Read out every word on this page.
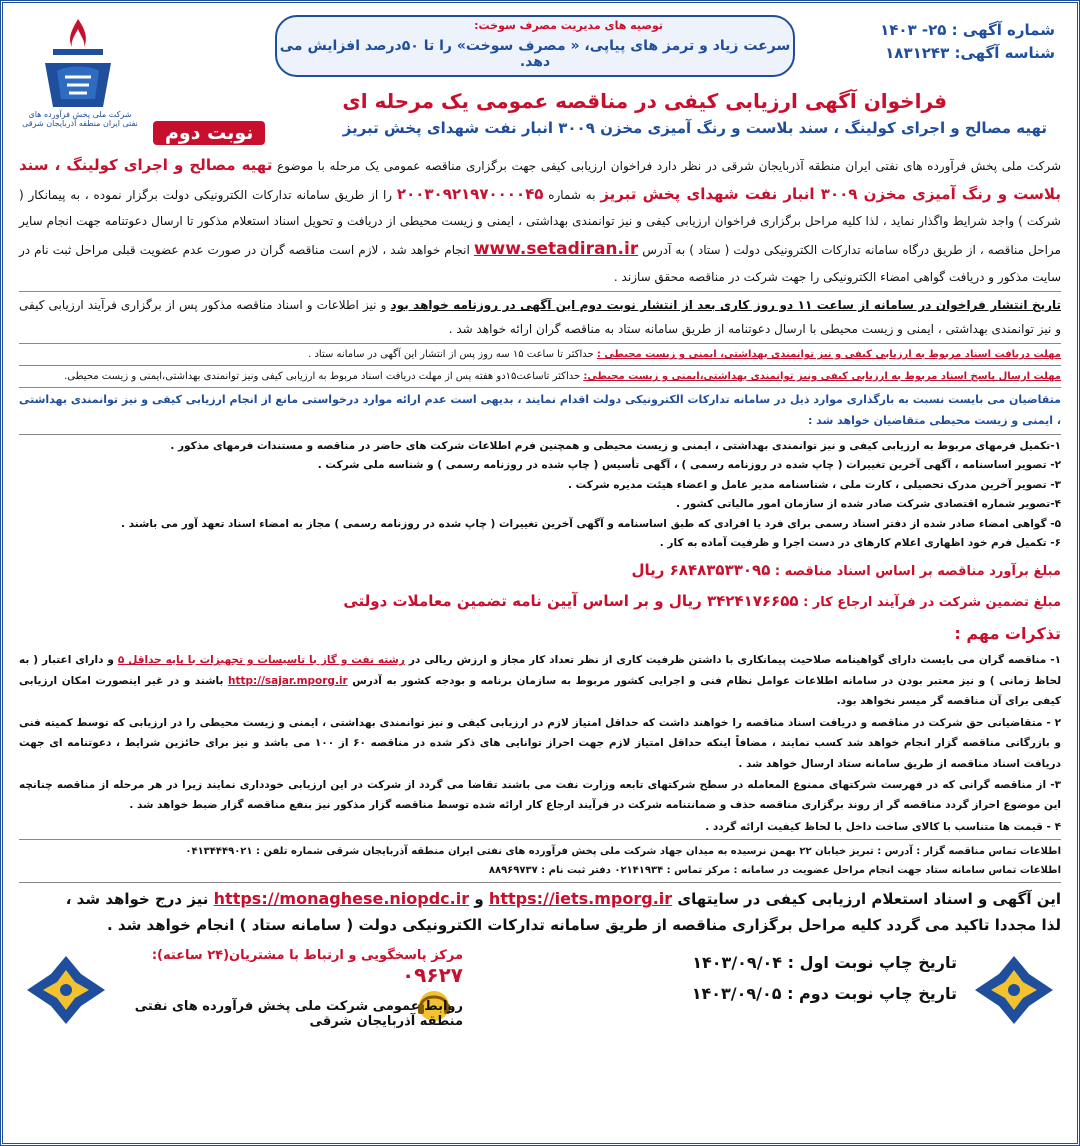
شرکت ملی پخش فرآورده های نفتی ایران منطقه آذربایجان شرقی
شماره آگهی : ۲۵- ۱۴۰۳
شناسه آگهی: ۱۸۳۱۲۴۳
توصیه های مدیریت مصرف سوخت:
سرعت زیاد و ترمز های پیاپی، « مصرف سوخت» را تا ۵۰درصد افزایش می دهد.
فراخوان آگهی ارزیابی کیفی در مناقصه عمومی یک مرحله ای
تهیه مصالح و اجرای کولینگ ، سند بلاست و رنگ آمیزی مخزن ۳۰۰۹ انبار نفت شهدای پخش تبریز
نوبت دوم
شرکت ملی پخش فرآورده های نفتی ایران منطقه آذربایجان شرقی در نظر دارد فراخوان ارزیابی کیفی جهت برگزاری مناقصه عمومی یک مرحله با موضوع تهیه مصالح و اجرای کولینگ ، سند بلاست و رنگ آمیزی مخزن ۳۰۰۹ انبار نفت شهدای پخش تبریز به شماره ۲۰۰۳۰۹۲۱۹۷۰۰۰۰۴۵ را از طریق سامانه تدارکات الکترونیکی دولت برگزار نموده ، به پیمانکار ( شرکت ) واجد شرایط واگذار نماید ، لذا کلیه مراحل برگزاری فراخوان ارزیابی کیفی و نیز توانمندی بهداشتی ، ایمنی و زیست محیطی از دریافت و تحویل اسناد استعلام مذکور تا ارسال دعوتنامه جهت انجام سایر مراحل مناقصه ، از طریق درگاه سامانه تدارکات الکترونیکی دولت ( ستاد ) به آدرس www.setadiran.ir انجام خواهد شد ، لازم است مناقصه گران در صورت عدم عضویت قبلی مراحل ثبت نام در سایت مذکور و دریافت گواهی امضاء الکترونیکی را جهت شرکت در مناقصه محقق سازند .
تاریخ انتشار فراخوان در سامانه از ساعت ۱۱ دو روز کاری بعد از انتشار نوبت دوم این آگهی در روزنامه خواهد بود و نیز اطلاعات و اسناد مناقصه مذکور پس از برگزاری فرآیند ارزیابی کیفی و نیز توانمندی بهداشتی ، ایمنی و زیست محیطی با ارسال دعوتنامه از طریق سامانه ستاد به مناقصه گران ارائه خواهد شد .
مهلت دریافت اسناد مربوط به ارزیابی کیفی و نیز توانمندی بهداشتی، ایمنی و زیست محیطی : حداکثر تا ساعت ۱۵ سه روز پس از انتشار این آگهی در سامانه ستاد .
مهلت ارسال پاسخ اسناد مربوط به ارزیابی کیفی ونیز توانمندی بهداشتی،ایمنی و زیست محیطی: حداکثر تاساعت۱۵دو هفته پس از مهلت دریافت اسناد مربوط به ارزیابی کیفی ونیز توانمندی بهداشتی،ایمنی و زیست محیطی.
متقاضیان می بایست نسبت به بارگذاری موارد ذیل در سامانه تدارکات الکترونیکی دولت اقدام نمایند ، بدیهی است عدم ارائه موارد درخواستی مانع از انجام ارزیابی کیفی و نیز توانمندی بهداشتی ، ایمنی و زیست محیطی متقاضیان خواهد شد :
۱-تکمیل فرمهای مربوط به ارزیابی کیفی و نیز توانمندی بهداشتی ، ایمنی و زیست محیطی و همچنین فرم اطلاعات شرکت های حاضر در مناقصه و مستندات فرمهای مذکور .
۲- تصویر اساسنامه ، آگهی آخرین تغییرات ( چاپ شده در روزنامه رسمی ) ، آگهی تأسیس ( چاپ شده در روزنامه رسمی ) و شناسه ملی شرکت .
۳- تصویر آخرین مدرک تحصیلی ، کارت ملی ، شناسنامه مدیر عامل و اعضاء هیئت مدیره شرکت .
۴-تصویر شماره اقتصادی شرکت صادر شده از سازمان امور مالیاتی کشور .
۵- گواهی امضاء صادر شده از دفتر اسناد رسمی برای فرد یا افرادی که طبق اساسنامه و آگهی آخرین تغییرات ( چاپ شده در روزنامه رسمی ) مجاز به امضاء اسناد تعهد آور می باشند .
۶- تکمیل فرم خود اظهاری اعلام کارهای در دست اجرا و ظرفیت آماده به کار .
مبلغ برآورد مناقصه بر اساس اسناد مناقصه : ۶۸۴۸۳۵۳۳۰۹۵ ریال
مبلغ تضمین شرکت در فرآیند ارجاع کار : ۳۴۲۴۱۷۶۶۵۵ ریال و بر اساس آیین نامه تضمین معاملات دولتی
تذکرات مهم :
۱- مناقصه گران می بایست دارای گواهینامه صلاحیت پیمانکاری با داشتن ظرفیت کاری از نظر تعداد کار مجاز و ارزش ریالی در رشته نفت و گاز با تاسیسات و تجهیزات با پایه حداقل ۵ و دارای اعتبار ( به لحاظ زمانی ) و نیز معتبر بودن در سامانه اطلاعات عوامل نظام فنی و اجرایی کشور مربوط به سازمان برنامه و بودجه کشور به آدرس http://sajar.mporg.ir باشند و در غیر اینصورت امکان ارزیابی کیفی برای آن مناقصه گر میسر نخواهد بود.
۲ - متقاضیانی حق شرکت در مناقصه و دریافت اسناد مناقصه را خواهند داشت که حداقل امتیاز لازم در ارزیابی کیفی و نیز توانمندی بهداشتی ، ایمنی و زیست محیطی را در ارزیابی که توسط کمیته فنی و بازرگانی مناقصه گزار انجام خواهد شد کسب نمایند ، مضافاً اینکه حداقل امتیاز لازم جهت احراز توانایی های ذکر شده در مناقصه ۶۰ از ۱۰۰ می باشد و نیز برای حائزین شرایط ، دعوتنامه ای جهت دریافت اسناد مناقصه از طریق سامانه ستاد ارسال خواهد شد .
۳- از مناقصه گرانی که در فهرست شرکتهای ممنوع المعامله در سطح شرکتهای تابعه وزارت نفت می باشند تقاضا می گردد از شرکت در این ارزیابی خودداری نمایند زیرا در هر مرحله از مناقصه چنانچه این موضوع احراز گردد مناقصه گر از روند برگزاری مناقصه حذف و ضمانتنامه شرکت در فرآیند ارجاع کار ارائه شده توسط مناقصه گزار مذکور نیز بنفع مناقصه گزار ضبط خواهد شد .
۴ - قیمت ها متناسب با کالای ساخت داخل با لحاظ کیفیت ارائه گردد .
اطلاعات تماس مناقصه گزار : آدرس : تبریز خیابان ۲۲ بهمن نرسیده به میدان جهاد شرکت ملی پخش فرآورده های نفتی ایران منطقه آذربایجان شرقی شماره تلفن : ۰۴۱۳۴۴۴۹۰۲۱
اطلاعات تماس سامانه ستاد جهت انجام مراحل عضویت در سامانه : مرکز تماس : ۰۲۱۴۱۹۳۴ دفتر ثبت نام : ۸۸۹۶۹۷۳۷
این آگهی و اسناد استعلام ارزیابی کیفی در سایتهای https://iets.mporg.ir و https://monaghese.niopdc.ir نیز درج خواهد شد ،
لذا مجددا تاکید می گردد کلیه مراحل برگزاری مناقصه از طریق سامانه تدارکات الکترونیکی دولت ( سامانه ستاد ) انجام خواهد شد .
تاریخ چاپ نوبت اول : ۱۴۰۳/۰۹/۰۴
تاریخ چاپ نوبت دوم : ۱۴۰۳/۰۹/۰۵
مرکز پاسخگویی و ارتباط با مشتریان(۲۴ ساعته): ۰۹۶۲۷
روابط عمومی شرکت ملی پخش فرآورده های نفتی منطقه آذربایجان شرقی
